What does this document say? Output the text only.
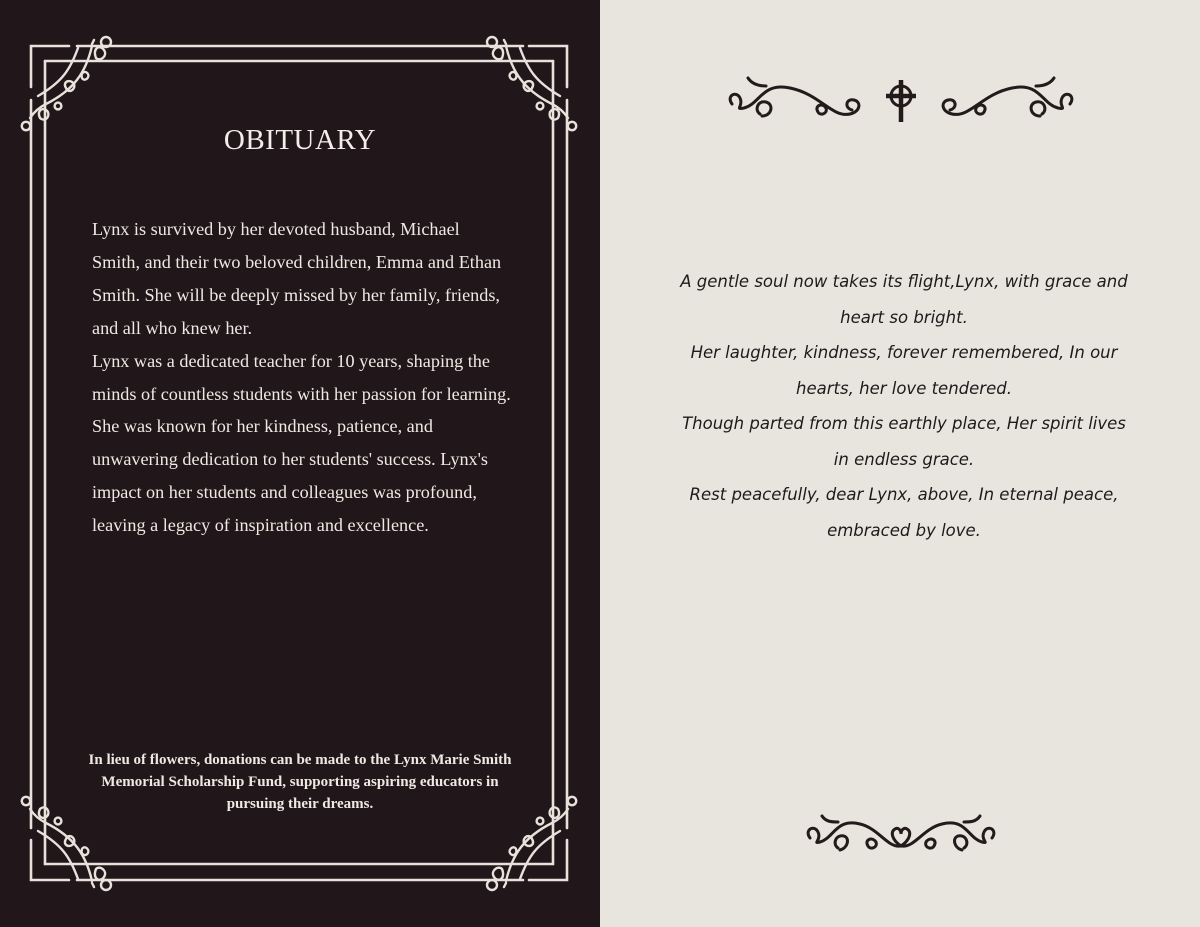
OBITUARY

Lynx is survived by her devoted husband, Michael Smith, and their two beloved children, Emma and Ethan Smith. She will be deeply missed by her family, friends, and all who knew her.

Lynx was a dedicated teacher for 10 years, shaping the minds of countless students with her passion for learning. She was known for her kindness, patience, and unwavering dedication to her students' success. Lynx's impact on her students and colleagues was profound, leaving a legacy of inspiration and excellence.

In lieu of flowers, donations can be made to the Lynx Marie Smith Memorial Scholarship Fund, supporting aspiring educators in pursuing their dreams.

A gentle soul now takes its flight,Lynx, with grace and heart so bright.

Her laughter, kindness, forever remembered, In our hearts, her love tendered.

Though parted from this earthly place, Her spirit lives in endless grace.

Rest peacefully, dear Lynx, above, In eternal peace, embraced by love.
